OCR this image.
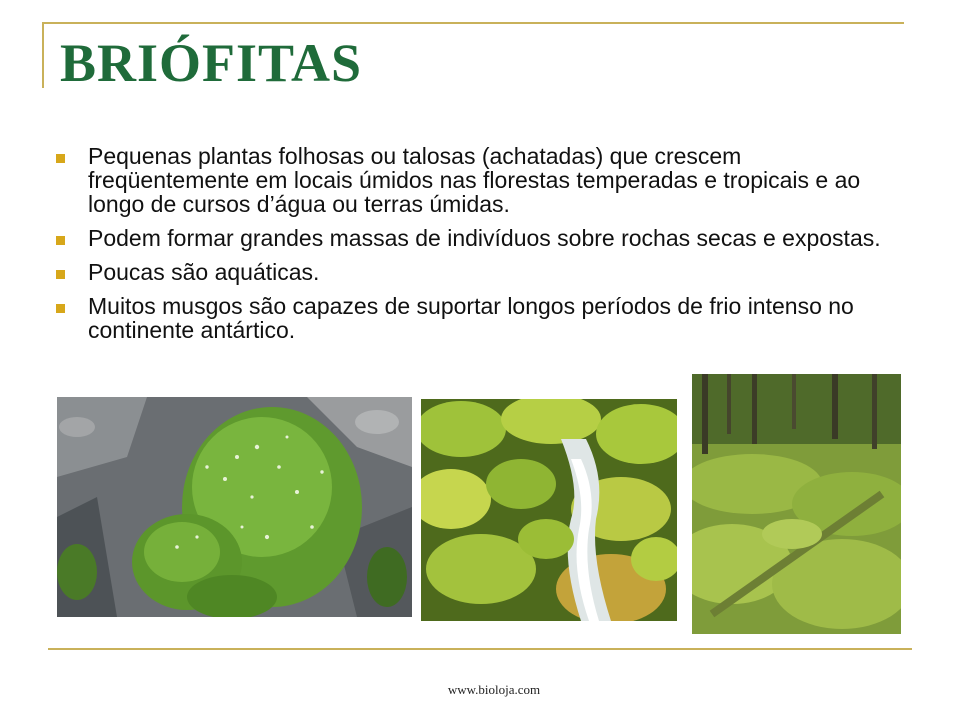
BRIÓFITAS
Pequenas plantas folhosas ou talosas (achatadas) que crescem freqüentemente em locais úmidos nas florestas temperadas e tropicais e ao longo de cursos d’água ou terras úmidas.
Podem formar grandes massas de indivíduos sobre rochas secas e expostas.
Poucas são aquáticas.
Muitos musgos são capazes de suportar longos períodos de frio intenso no continente antártico.
www.bioloja.com
